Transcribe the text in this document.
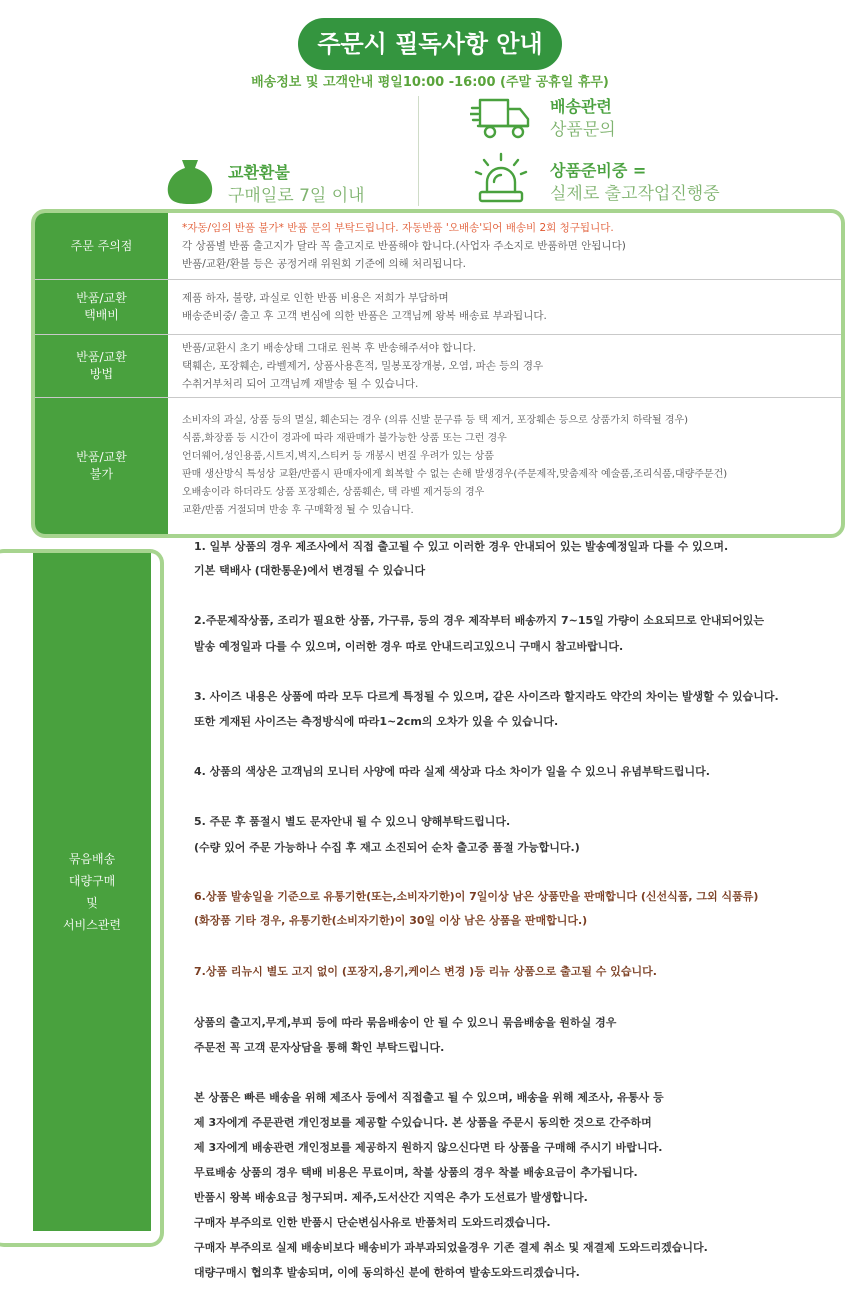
주문시 필독사항 안내
배송정보 및 고객안내 평일10:00 -16:00 (주말 공휴일 휴무)
배송관련
상품문의
교환환불
구매일로 7일 이내
상품준비중 =
실제로 출고작업진행중
주문 주의점
*자동/임의 반품 불가* 반품 문의 부탁드립니다. 자동반품 '오배송'되어 배송비 2회 청구됩니다.
각 상품별 반품 출고지가 달라 꼭 출고지로 반품해야 합니다.(사업자 주소지로 반품하면 안됩니다)
반품/교환/환불 등은 공정거래 위원회 기준에 의해 처리됩니다.
반품/교환
택배비
제품 하자, 불량, 과실로 인한 반품 비용은 저희가 부담하며
배송준비중/ 출고 후 고객 변심에 의한 반품은 고객님께 왕복 배송료 부과됩니다.
반품/교환
방법
반품/교환시 초기 배송상태 그대로 원복 후 반송해주셔야 합니다.
택훼손, 포장훼손, 라벨제거, 상품사용흔적, 밀봉포장개봉, 오염, 파손 등의 경우
수취거부처리 되어 고객님께 재발송 될 수 있습니다.
반품/교환
불가
소비자의 과실, 상품 등의 멸실, 훼손되는 경우 (의류 신발 문구류 등 택 제거, 포장훼손 등으로 상품가치 하락될 경우)
식품,화장품 등 시간이 경과에 따라 재판매가 불가능한 상품 또는 그런 경우
언더웨어,성인용품,시트지,벽지,스티커 등 개봉시 변질 우려가 있는 상품
판매 생산방식 특성상 교환/반품시 판매자에게 회복할 수 없는 손해 발생경우(주문제작,맞춤제작 예술품,조리식품,대량주문건)
오배송이라 하더라도 상품 포장훼손, 상품훼손, 택 라벨 제거등의 경우
교환/반품 거절되며 반송 후 구매확정 될 수 있습니다.
묶음배송
대량구매
및
서비스관련
1. 일부 상품의 경우 제조사에서 직접 출고될 수 있고 이러한 경우 안내되어 있는 발송예정일과 다를 수 있으며.
기본 택배사 (대한통운)에서 변경될 수 있습니다
2.주문제작상품, 조리가 필요한 상품, 가구류, 등의 경우 제작부터 배송까지 7~15일 가량이 소요되므로 안내되어있는
발송 예정일과 다를 수 있으며, 이러한 경우 따로 안내드리고있으니 구매시 참고바랍니다.
3. 사이즈 내용은 상품에 따라 모두 다르게 특정될 수 있으며, 같은 사이즈라 할지라도 약간의 차이는 발생할 수 있습니다.
또한 게재된 사이즈는 측정방식에 따라1~2cm의 오차가 있을 수 있습니다.
4. 상품의 색상은 고객님의 모니터 사양에 따라 실제 색상과 다소 차이가 일을 수 있으니 유념부탁드립니다.
5. 주문 후 품절시 별도 문자안내 될 수 있으니 양해부탁드립니다.
(수량 있어 주문 가능하나 수집 후 재고 소진되어 순차 출고중 품절 가능합니다.)
6.상품 발송일을 기준으로 유통기한(또는,소비자기한)이 7일이상 남은 상품만을 판매합니다 (신선식품, 그외 식품류)
(화장품 기타 경우, 유통기한(소비자기한)이 30일 이상 남은 상품을 판매합니다.)
7.상품 리뉴시 별도 고지 없이 (포장지,용기,케이스 변경 )등 리뉴 상품으로 출고될 수 있습니다.
상품의 출고지,무게,부피 등에 따라 묶음배송이 안 될 수 있으니 묶음배송을 원하실 경우
주문전 꼭 고객 문자상담을 통해 확인 부탁드립니다.
본 상품은 빠른 배송을 위해 제조사 등에서 직접출고 될 수 있으며, 배송을 위해 제조사, 유통사 등
제 3자에게 주문관련 개인정보를 제공할 수있습니다. 본 상품을 주문시 동의한 것으로 간주하며
제 3자에게 배송관련 개인정보를 제공하지 원하지 않으신다면 타 상품을 구매해 주시기 바랍니다.
무료배송 상품의 경우 택배 비용은 무료이며, 착불 상품의 경우 착불 배송요금이 추가됩니다.
반품시 왕복 배송요금 청구되며. 제주,도서산간 지역은 추가 도선료가 발생합니다.
구매자 부주의로 인한 반품시 단순변심사유로 반품처리 도와드리겠습니다.
구매자 부주의로 실제 배송비보다 배송비가 과부과되었을경우 기존 결제 취소 및 재결제 도와드리겠습니다.
대량구매시 협의후 발송되며, 이에 동의하신 분에 한하여 발송도와드리겠습니다.
